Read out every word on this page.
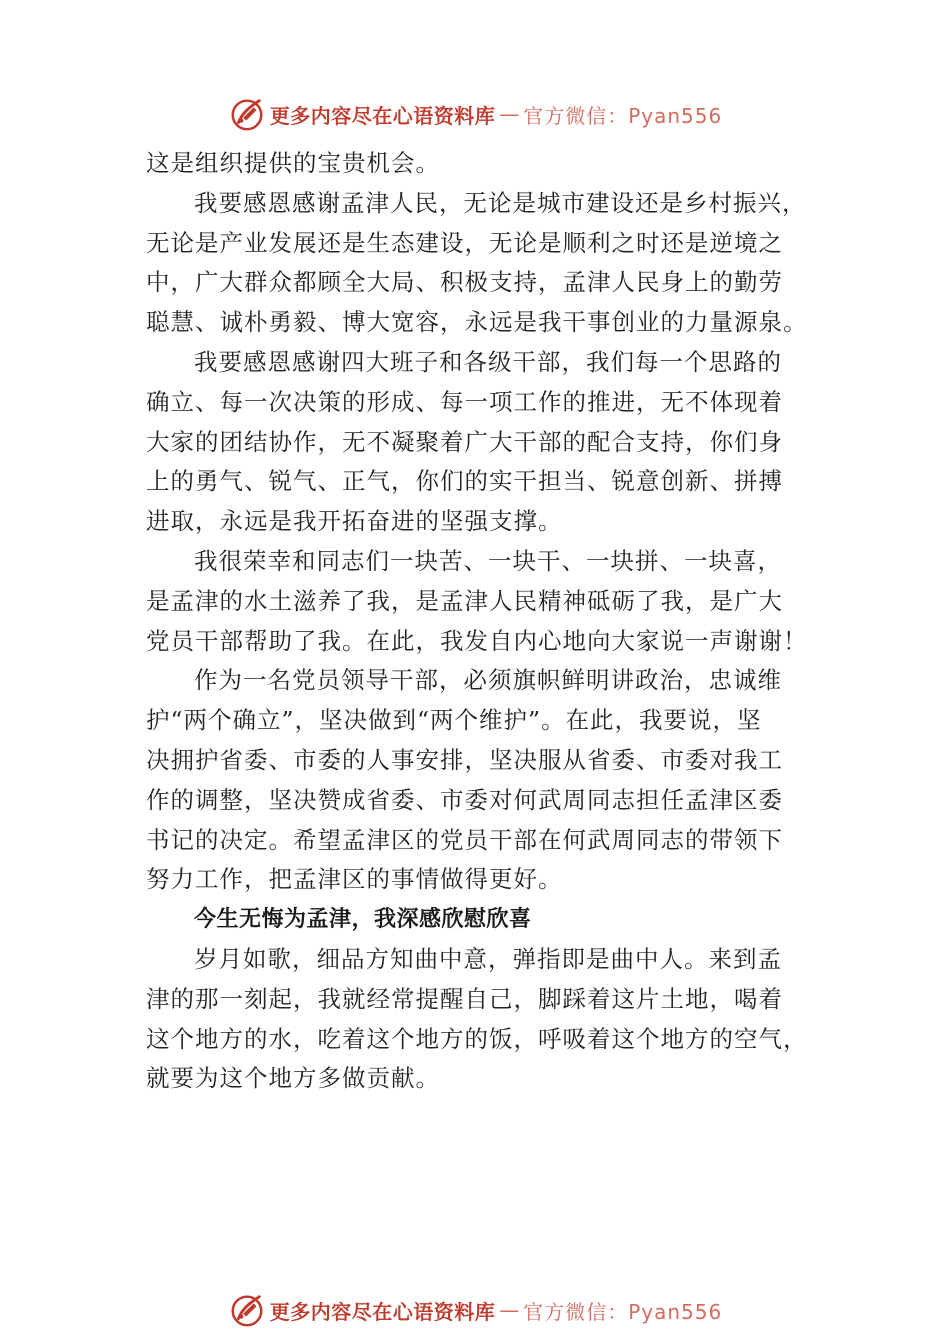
更多内容尽在心语资料库 — 官方微信：Pyan556
这是组织提供的宝贵机会。
我要感恩感谢孟津人民，无论是城市建设还是乡村振兴，
无论是产业发展还是生态建设，无论是顺利之时还是逆境之
中，广大群众都顾全大局、积极支持，孟津人民身上的勤劳
聪慧、诚朴勇毅、博大宽容，永远是我干事创业的力量源泉。
我要感恩感谢四大班子和各级干部，我们每一个思路的
确立、每一次决策的形成、每一项工作的推进，无不体现着
大家的团结协作，无不凝聚着广大干部的配合支持，你们身
上的勇气、锐气、正气，你们的实干担当、锐意创新、拼搏
进取，永远是我开拓奋进的坚强支撑。
我很荣幸和同志们一块苦、一块干、一块拼、一块喜，
是孟津的水土滋养了我，是孟津人民精神砥砺了我，是广大
党员干部帮助了我。在此，我发自内心地向大家说一声谢谢！
作为一名党员领导干部，必须旗帜鲜明讲政治，忠诚维
护“两个确立”，坚决做到“两个维护”。在此，我要说，坚
决拥护省委、市委的人事安排，坚决服从省委、市委对我工
作的调整，坚决赞成省委、市委对何武周同志担任孟津区委
书记的决定。希望孟津区的党员干部在何武周同志的带领下
努力工作，把孟津区的事情做得更好。
今生无悔为孟津，我深感欣慰欣喜
岁月如歌，细品方知曲中意，弹指即是曲中人。来到孟
津的那一刻起，我就经常提醒自己，脚踩着这片土地，喝着
这个地方的水，吃着这个地方的饭，呼吸着这个地方的空气，
就要为这个地方多做贡献。
更多内容尽在心语资料库 — 官方微信：Pyan556
